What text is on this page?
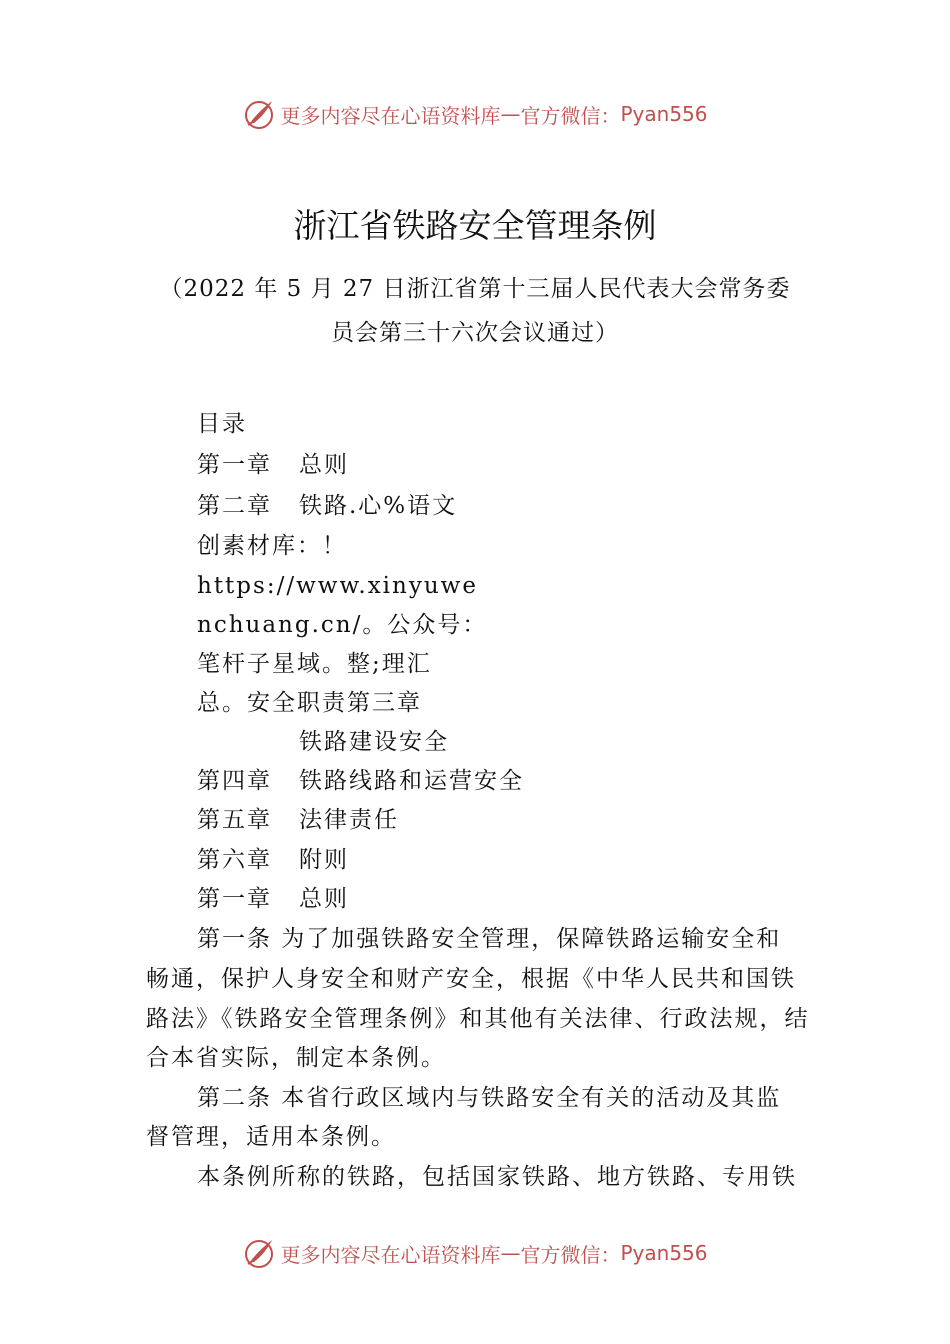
更多内容尽在心语资料库 — 官方微信： Pyan556
浙江省铁路安全管理条例
（2022 年 5 月 27 日浙江省第十三届人民代表大会常务委
员会第三十六次会议通过）
目录
第一章 总则
第二章 铁路.心%语文
创素材库：！
https://www.xinyuwe
nchuang.cn/。公众号：
笔杆子星域。整;理汇
总。安全职责第三章
铁路建设安全
第四章 铁路线路和运营安全
第五章 法律责任
第六章 附则
第一章 总则
第一条 为了加强铁路安全管理，保障铁路运输安全和
畅通，保护人身安全和财产安全，根据《中华人民共和国铁
路法》《铁路安全管理条例》和其他有关法律、行政法规，结
合本省实际，制定本条例。
第二条 本省行政区域内与铁路安全有关的活动及其监
督管理，适用本条例。
本条例所称的铁路，包括国家铁路、地方铁路、专用铁
更多内容尽在心语资料库 — 官方微信： Pyan556
